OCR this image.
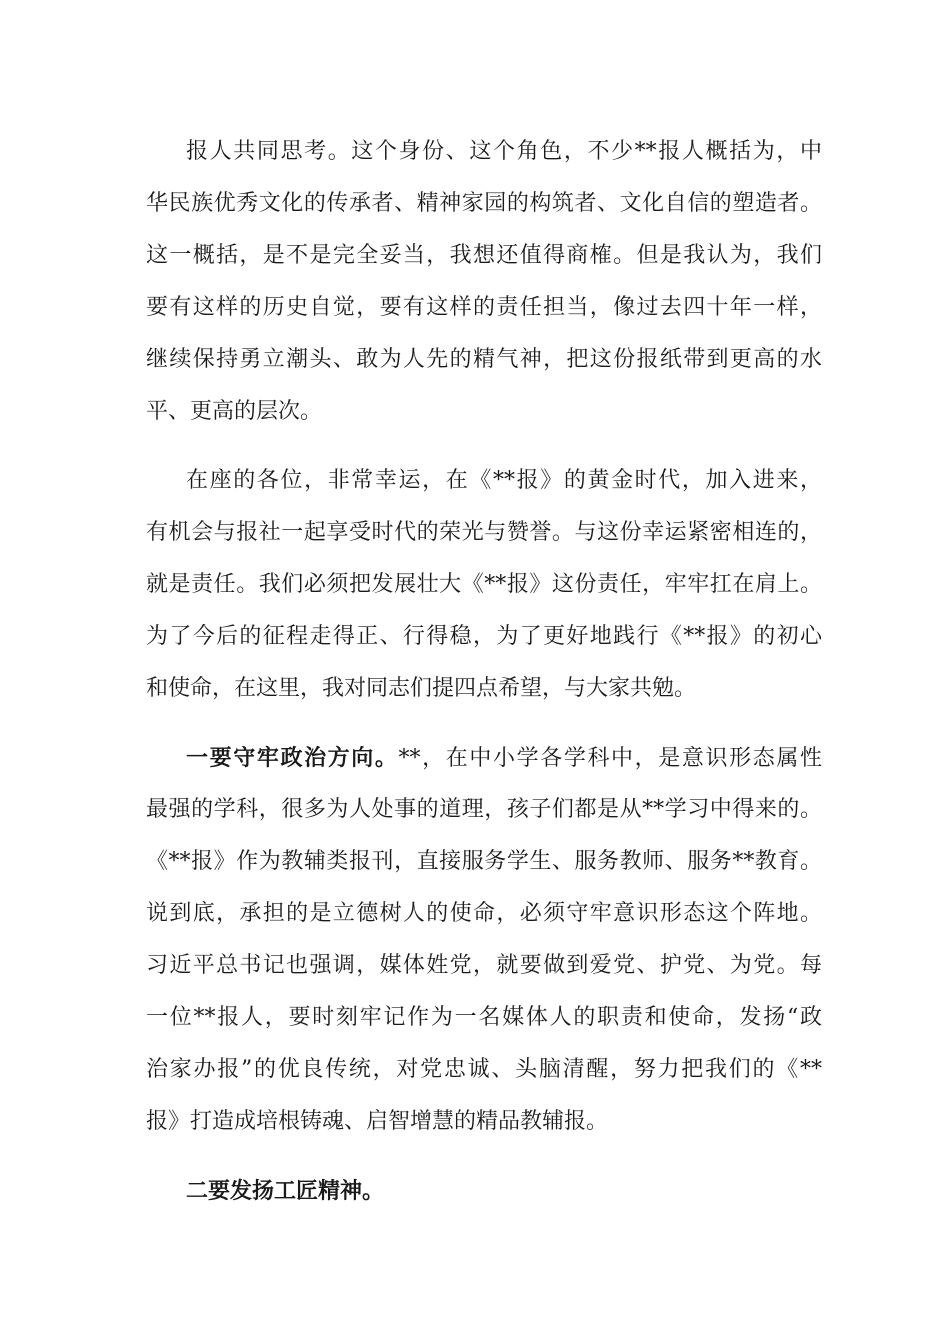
报人共同思考。这个身份、这个角色，不少**报人概括为，中
华民族优秀文化的传承者、精神家园的构筑者、文化自信的塑造者。
这一概括，是不是完全妥当，我想还值得商榷。但是我认为，我们
要有这样的历史自觉，要有这样的责任担当，像过去四十年一样，
继续保持勇立潮头、敢为人先的精气神，把这份报纸带到更高的水
平、更高的层次。
在座的各位，非常幸运，在《**报》的黄金时代，加入进来，
有机会与报社一起享受时代的荣光与赞誉。与这份幸运紧密相连的，
就是责任。我们必须把发展壮大《**报》这份责任，牢牢扛在肩上。
为了今后的征程走得正、行得稳，为了更好地践行《**报》的初心
和使命，在这里，我对同志们提四点希望，与大家共勉。
一要守牢政治方向。**，在中小学各学科中，是意识形态属性
最强的学科，很多为人处事的道理，孩子们都是从**学习中得来的。
《**报》作为教辅类报刊，直接服务学生、服务教师、服务**教育。
说到底，承担的是立德树人的使命，必须守牢意识形态这个阵地。
习近平总书记也强调，媒体姓党，就要做到爱党、护党、为党。每
一位**报人，要时刻牢记作为一名媒体人的职责和使命，发扬“政
治家办报”的优良传统，对党忠诚、头脑清醒，努力把我们的《**
报》打造成培根铸魂、启智增慧的精品教辅报。
二要发扬工匠精神。
